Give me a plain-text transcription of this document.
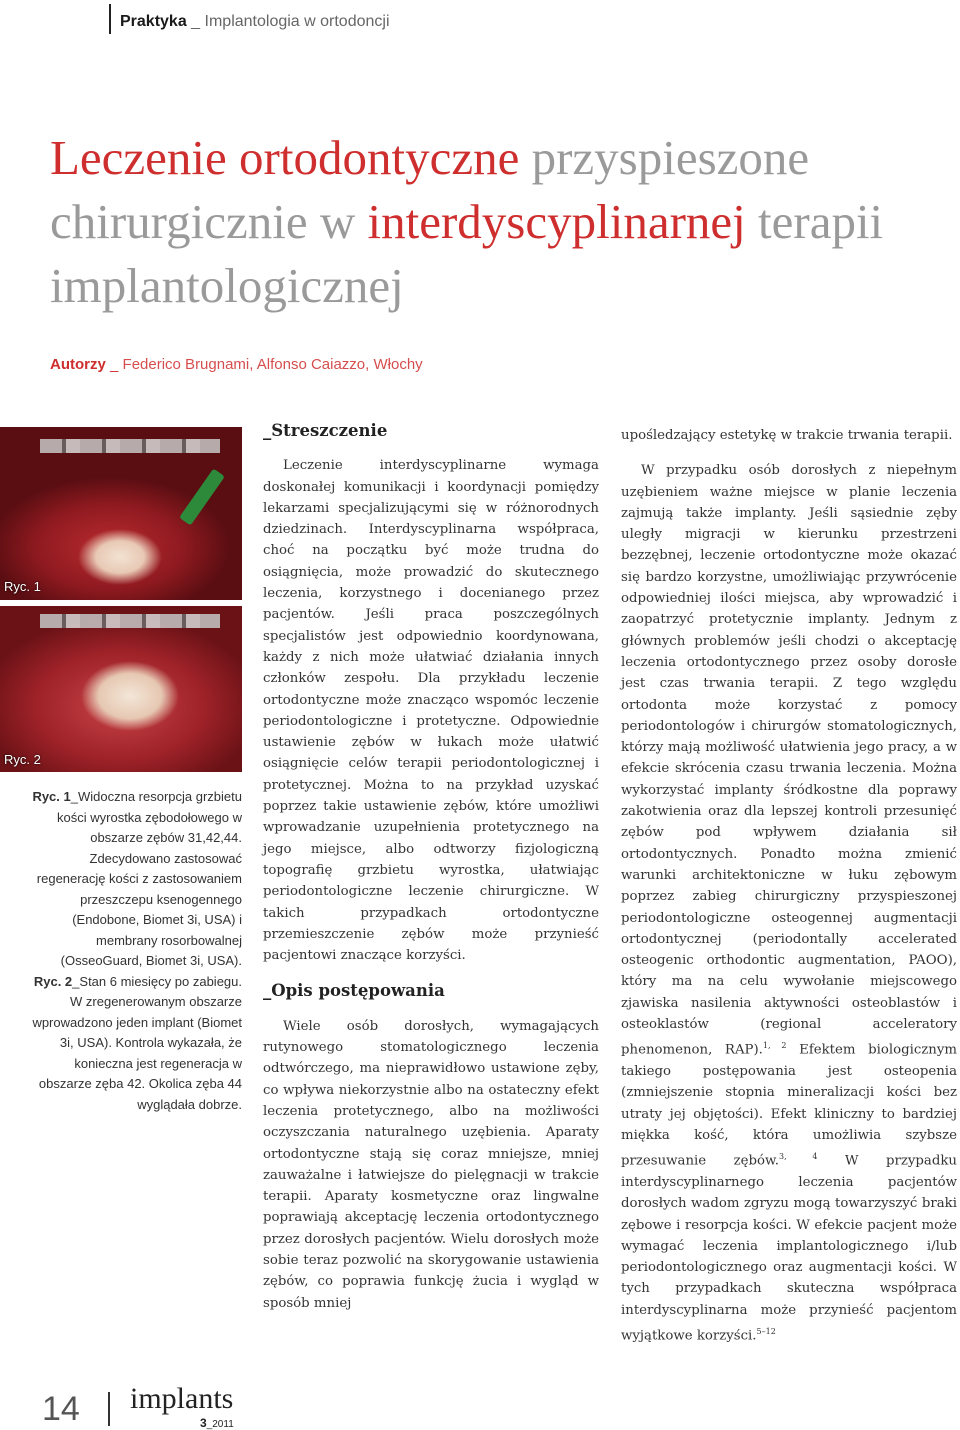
Praktyka _ Implantologia w ortodoncji
Leczenie ortodontyczne przyspieszone chirurgicznie w interdyscyplinarnej terapii implantologicznej
Autorzy _ Federico Brugnami, Alfonso Caiazzo, Włochy
Ryc. 1
Ryc. 2
Ryc. 1_Widoczna resorpcja grzbietu kości wyrostka zębodołowego w obszarze zębów 31,42,44. Zdecydowano zastosować regenerację kości z zastosowaniem przeszczepu ksenogennego (Endobone, Biomet 3i, USA) i membrany rosorbowalnej (OsseoGuard, Biomet 3i, USA). Ryc. 2_Stan 6 miesięcy po zabiegu. W zregenerowanym obszarze wprowadzono jeden implant (Biomet 3i, USA). Kontrola wykazała, że konieczna jest regeneracja w obszarze zęba 42. Okolica zęba 44 wyglądała dobrze.

_Streszczenie

Leczenie interdyscyplinarne wymaga doskonałej komunikacji i koordynacji pomiędzy lekarzami specjalizującymi się w różnorodnych dziedzinach. Interdyscyplinarna współpraca, choć na początku być może trudna do osiągnięcia, może prowadzić do skutecznego leczenia, korzystnego i docenianego przez pacjentów. Jeśli praca poszczególnych specjalistów jest odpowiednio koordynowana, każdy z nich może ułatwiać działania innych członków zespołu. Dla przykładu leczenie ortodontyczne może znacząco wspomóc leczenie periodontologiczne i protetyczne. Odpowiednie ustawienie zębów w łukach może ułatwić osiągnięcie celów terapii periodontologicznej i protetycznej. Można to na przykład uzyskać poprzez takie ustawienie zębów, które umożliwi wprowadzanie uzupełnienia protetycznego na jego miejsce, albo odtworzy fizjologiczną topografię grzbietu wyrostka, ułatwiając periodontologiczne leczenie chirurgiczne. W takich przypadkach ortodontyczne przemieszczenie zębów może przynieść pacjentowi znaczące korzyści.

_Opis postępowania

Wiele osób dorosłych, wymagających rutynowego stomatologicznego leczenia odtwórczego, ma nieprawidłowo ustawione zęby, co wpływa niekorzystnie albo na ostateczny efekt leczenia protetycznego, albo na możliwości oczyszczania naturalnego uzębienia. Aparaty ortodontyczne stają się coraz mniejsze, mniej zauważalne i łatwiejsze do pielęgnacji w trakcie terapii. Aparaty kosmetyczne oraz lingwalne poprawiają akceptację leczenia ortodontycznego przez dorosłych pacjentów. Wielu dorosłych może sobie teraz pozwolić na skorygowanie ustawienia zębów, co poprawia funkcję żucia i wygląd w sposób mniej

upośledzający estetykę w trakcie trwania terapii.

W przypadku osób dorosłych z niepełnym uzębieniem ważne miejsce w planie leczenia zajmują także implanty. Jeśli sąsiednie zęby uległy migracji w kierunku przestrzeni bezzębnej, leczenie ortodontyczne może okazać się bardzo korzystne, umożliwiając przywrócenie odpowiedniej ilości miejsca, aby wprowadzić i zaopatrzyć protetycznie implanty. Jednym z głównych problemów jeśli chodzi o akceptację leczenia ortodontycznego przez osoby dorosłe jest czas trwania terapii. Z tego względu ortodonta może korzystać z pomocy periodontologów i chirurgów stomatologicznych, którzy mają możliwość ułatwienia jego pracy, a w efekcie skrócenia czasu trwania leczenia. Można wykorzystać implanty śródkostne dla poprawy zakotwienia oraz dla lepszej kontroli przesunięć zębów pod wpływem działania sił ortodontycznych. Ponadto można zmienić warunki architektoniczne w łuku zębowym poprzez zabieg chirurgiczny przyspieszonej periodontologiczne osteogennej augmentacji ortodontycznej (periodontally accelerated osteogenic orthodontic augmentation, PAOO), który ma na celu wywołanie miejscowego zjawiska nasilenia aktywności osteoblastów i osteoklastów (regional acceleratory phenomenon, RAP).$^{1, 2}$ Efektem biologicznym takiego postępowania jest osteopenia (zmniejszenie stopnia mineralizacji kości bez utraty jej objętości). Efekt kliniczny to bardziej miękka kość, która umożliwia szybsze przesuwanie zębów.$^{3, 4}$ W przypadku interdyscyplinarnego leczenia pacjentów dorosłych wadom zgryzu mogą towarzyszyć braki zębowe i resorpcja kości. W efekcie pacjent może wymagać leczenia implantologicznego i/lub periodontologicznego oraz augmentacji kości. W tych przypadkach skuteczna współpraca interdyscyplinarna może przynieść pacjentom wyjątkowe korzyści.$^{5-12}$

14 implants
3_2011
